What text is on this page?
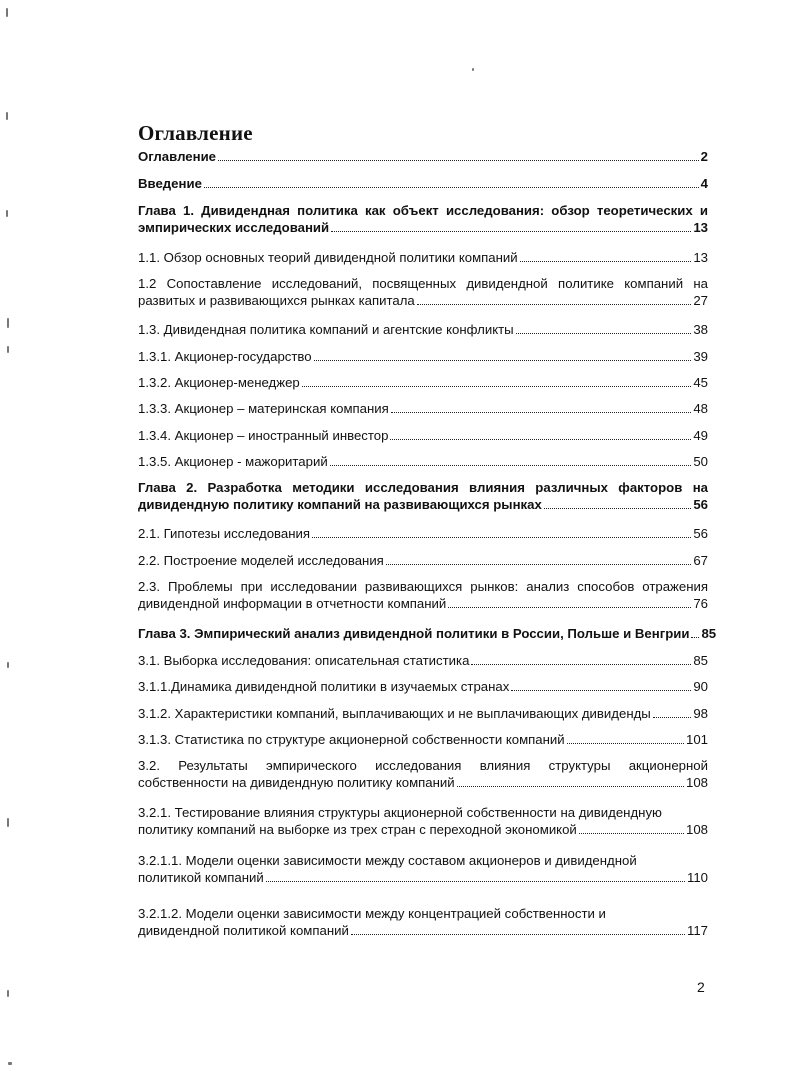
Оглавление
Оглавление	2
Введение	4
Глава 1. Дивидендная политика как объект исследования: обзор теоретических и
эмпирических исследований	13
1.1. Обзор основных теорий дивидендной политики компаний	13
1.2 Сопоставление исследований, посвященных дивидендной политике компаний на
развитых и развивающихся рынках капитала	27
1.3. Дивидендная политика компаний и агентские конфликты	38
1.3.1. Акционер-государство	39
1.3.2. Акционер-менеджер	45
1.3.3. Акционер – материнская компания	48
1.3.4. Акционер – иностранный инвестор	49
1.3.5. Акционер - мажоритарий	50
Глава 2. Разработка методики исследования влияния различных факторов на
дивидендную политику компаний на развивающихся рынках	56
2.1. Гипотезы исследования	56
2.2. Построение моделей исследования	67
2.3. Проблемы при исследовании развивающихся рынков: анализ способов отражения
дивидендной информации в отчетности компаний	76
Глава 3. Эмпирический анализ дивидендной политики в России, Польше и Венгрии 85
3.1. Выборка исследования: описательная статистика	85
3.1.1.Динамика дивидендной политики в изучаемых странах	90
3.1.2. Характеристики компаний, выплачивающих и не выплачивающих дивиденды	98
3.1.3. Статистика по структуре акционерной собственности компаний	101
3.2. Результаты эмпирического исследования влияния структуры акционерной
собственности на дивидендную политику компаний	108
3.2.1. Тестирование влияния структуры акционерной собственности на дивидендную
политику компаний на выборке из трех стран с переходной экономикой	108
3.2.1.1. Модели оценки зависимости между составом акционеров и дивидендной
политикой компаний	110
3.2.1.2. Модели оценки зависимости между концентрацией собственности и
дивидендной политикой компаний	117
2
